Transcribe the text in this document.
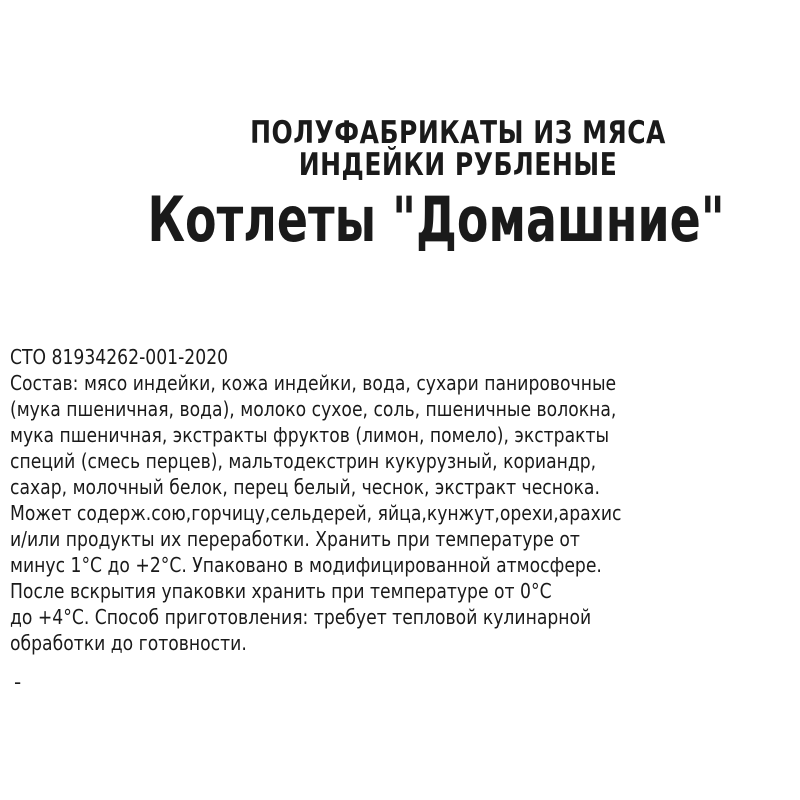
ПОЛУФАБРИКАТЫ ИЗ МЯСА
ИНДЕЙКИ РУБЛЕНЫЕ
Котлеты "Домашние"
СТО 81934262-001-2020
Состав: мясо индейки, кожа индейки, вода, сухари панировочные
(мука пшеничная, вода), молоко сухое, соль, пшеничные волокна,
мука пшеничная, экстракты фруктов (лимон, помело), экстракты
специй (смесь перцев), мальтодекстрин кукурузный, кориандр,
сахар, молочный белок, перец белый, чеснок, экстракт чеснока.
Может содерж.сою,горчицу,сельдерей, яйца,кунжут,орехи,арахис
и/или продукты их переработки. Хранить при температуре от
минус 1°С до +2°С. Упаковано в модифицированной атмосфере.
После вскрытия упаковки хранить при температуре от 0°С
до +4°С. Способ приготовления: требует тепловой кулинарной
обработки до готовности.
-
